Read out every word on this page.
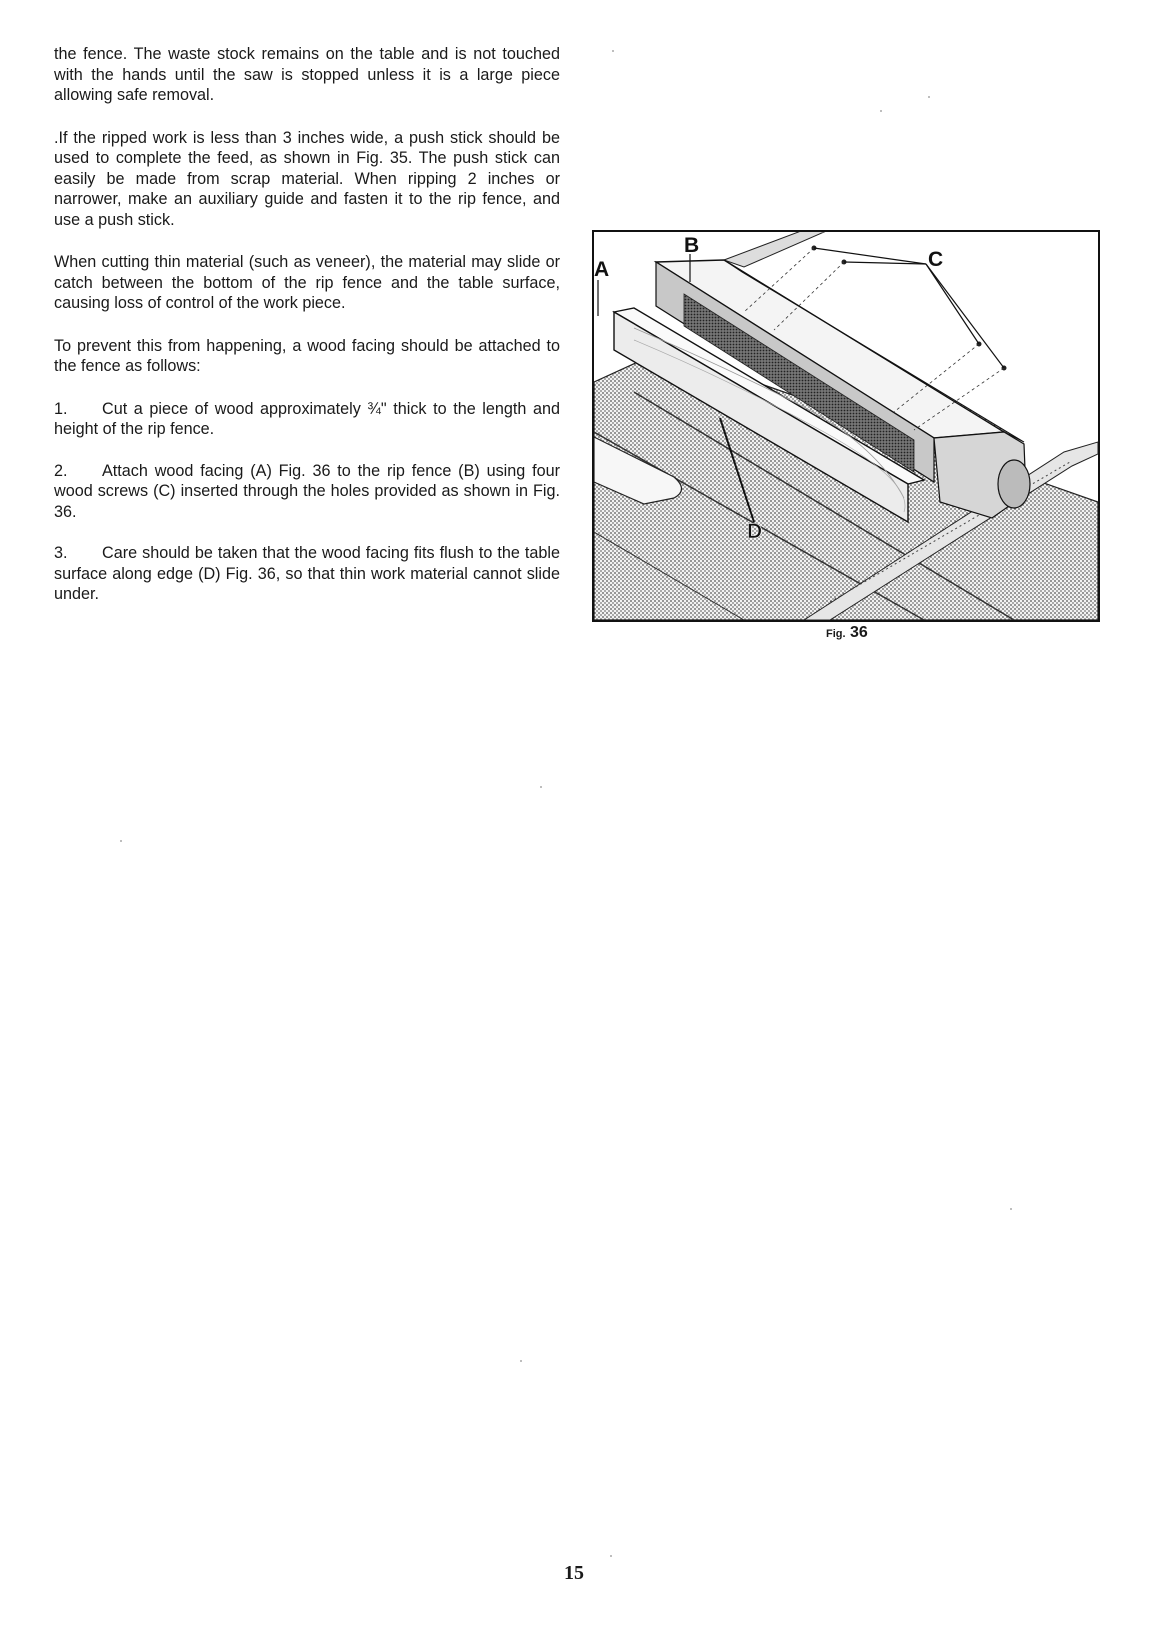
the fence. The waste stock remains on the table and is not touched with the hands until the saw is stopped unless it is a large piece allowing safe removal.

.If the ripped work is less than 3 inches wide, a push stick should be used to complete the feed, as shown in Fig. 35. The push stick can easily be made from scrap material. When ripping 2 inches or narrower, make an auxiliary guide and fasten it to the rip fence, and use a push stick.

When cutting thin material (such as veneer), the material may slide or catch between the bottom of the rip fence and the table surface, causing loss of control of the work piece.

To prevent this from happening, a wood facing should be attached to the fence as follows:

1. Cut a piece of wood approximately ¾" thick to the length and height of the rip fence.

2. Attach wood facing (A) Fig. 36 to the rip fence (B) using four wood screws (C) inserted through the holes provided as shown in Fig. 36.

3. Care should be taken that the wood facing fits flush to the table surface along edge (D) Fig. 36, so that thin work material cannot slide under.

A
B
C
D
Fig. 36
15
